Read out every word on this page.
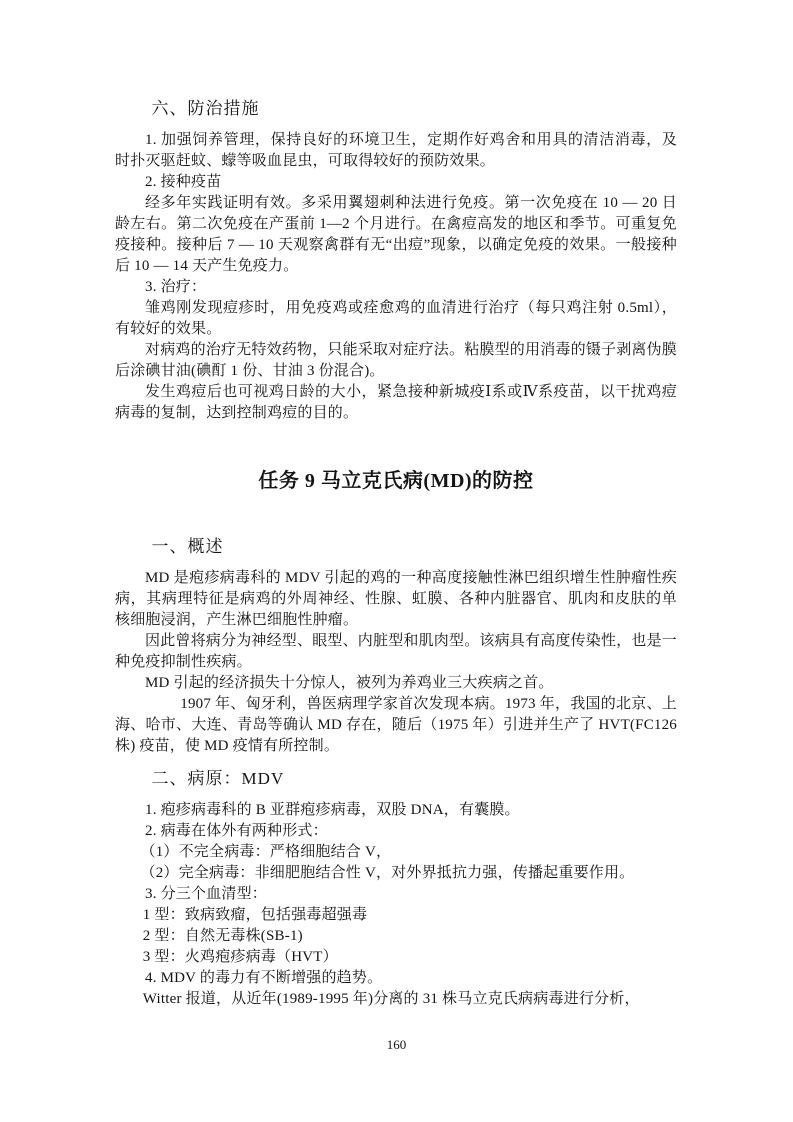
六、防治措施

1. 加强饲养管理，保持良好的环境卫生，定期作好鸡舍和用具的清洁消毒，及时扑灭驱赶蚊、蠓等吸血昆虫，可取得较好的预防效果。

2. 接种疫苗

经多年实践证明有效。多采用翼翅刺种法进行免疫。第一次免疫在 10 — 20 日龄左右。第二次免疫在产蛋前 1—2 个月进行。在禽痘高发的地区和季节。可重复免疫接种。接种后 7 — 10 天观察禽群有无“出痘”现象，以确定免疫的效果。一般接种后 10 — 14 天产生免疫力。

3. 治疗：

雏鸡刚发现痘疹时，用免疫鸡或痊愈鸡的血清进行治疗（每只鸡注射 0.5ml），有较好的效果。

对病鸡的治疗无特效药物，只能采取对症疗法。粘膜型的用消毒的镊子剥离伪膜后涂碘甘油(碘酊 1 份、甘油 3 份混合)。

发生鸡痘后也可视鸡日龄的大小，紧急接种新城疫Ⅰ系或Ⅳ系疫苗，以干扰鸡痘病毒的复制，达到控制鸡痘的目的。

任务 9 马立克氏病(MD)的防控
一、概述

MD 是疱疹病毒科的 MDV 引起的鸡的一种高度接触性淋巴组织增生性肿瘤性疾病，其病理特征是病鸡的外周神经、性腺、虹膜、各种内脏器官、肌肉和皮肤的单核细胞浸润，产生淋巴细胞性肿瘤。

因此曾将病分为神经型、眼型、内脏型和肌肉型。该病具有高度传染性，也是一种免疫抑制性疾病。

MD 引起的经济损失十分惊人，被列为养鸡业三大疾病之首。

1907 年、匈牙利，兽医病理学家首次发现本病。1973 年，我国的北京、上海、哈市、大连、青岛等确认 MD 存在，随后（1975 年）引进并生产了 HVT(FC126 株) 疫苗，使 MD 疫情有所控制。

二、病原：MDV

1. 疱疹病毒科的 B 亚群疱疹病毒，双股 DNA，有囊膜。

2. 病毒在体外有两种形式：

（1）不完全病毒：严格细胞结合 V，

（2）完全病毒：非细肥胞结合性 V，对外界抵抗力强，传播起重要作用。

3. 分三个血清型：

1 型：致病致瘤，包括强毒超强毒

2 型：自然无毒株(SB-1)

3 型：火鸡疱疹病毒（HVT）

4. MDV 的毒力有不断增强的趋势。

Witter 报道，从近年(1989-1995 年)分离的 31 株马立克氏病病毒进行分析，

160
